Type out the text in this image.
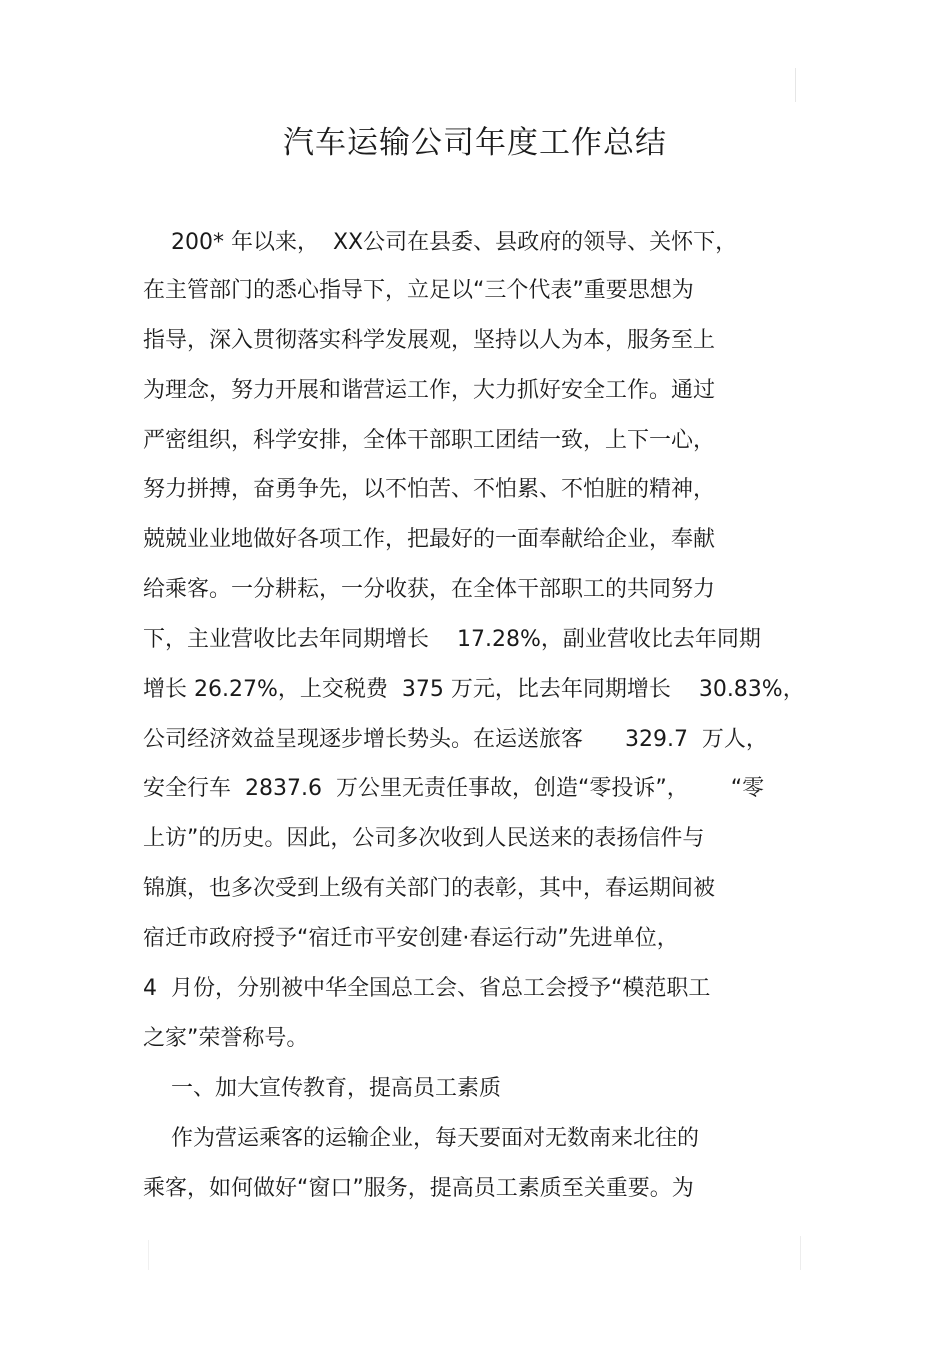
汽车运输公司年度工作总结
200* 年以来，  XX公司在县委、县政府的领导、关怀下，
在主管部门的悉心指导下，立足以“三个代表”重要思想为
指导，深入贯彻落实科学发展观，坚持以人为本，服务至上
为理念，努力开展和谐营运工作，大力抓好安全工作。通过
严密组织，科学安排，全体干部职工团结一致，上下一心，
努力拼搏，奋勇争先，以不怕苦、不怕累、不怕脏的精神，
兢兢业业地做好各项工作，把最好的一面奉献给企业，奉献
给乘客。一分耕耘，一分收获，在全体干部职工的共同努力
下，主业营收比去年同期增长    17.28%，副业营收比去年同期
增长 26.27%，上交税费  375 万元，比去年同期增长    30.83%，
公司经济效益呈现逐步增长势头。在运送旅客      329.7  万人，
安全行车  2837.6  万公里无责任事故，创造“零投诉”，      “零
上访”的历史。因此，公司多次收到人民送来的表扬信件与
锦旗，也多次受到上级有关部门的表彰，其中，春运期间被
宿迁市政府授予“宿迁市平安创建·春运行动”先进单位，
4  月份，分别被中华全国总工会、省总工会授予“模范职工
之家”荣誉称号。
一、加大宣传教育，提高员工素质
作为营运乘客的运输企业，每天要面对无数南来北往的
乘客，如何做好“窗口”服务，提高员工素质至关重要。为
